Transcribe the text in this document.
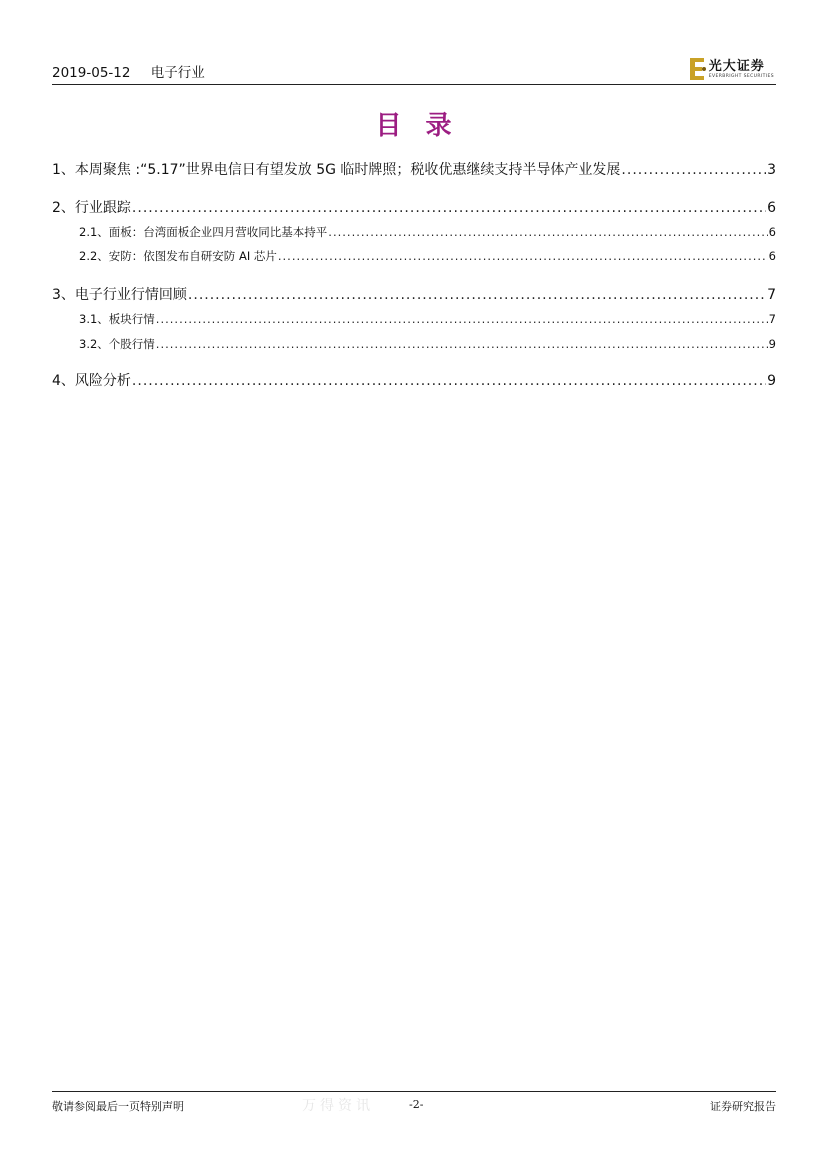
2019-05-12 电子行业	光大证券
EVERBRIGHT SECURITIES
目 录
1、 本周聚焦 :“5.17”世界电信日有望发放 5G 临时牌照；税收优惠继续支持半导体产业发展 .....	3
2、 行业跟踪 .....	6
2.1、 面板：台湾面板企业四月营收同比基本持平 .....	6
2.2、 安防：依图发布自研安防 AI 芯片 .....	6
3、 电子行业行情回顾 .....	7
3.1、 板块行情 .....	7
3.2、 个股行情 .....	9
4、 风险分析 .....	9
敬请参阅最后一页特别声明	万得资讯	-2-	证券研究报告
